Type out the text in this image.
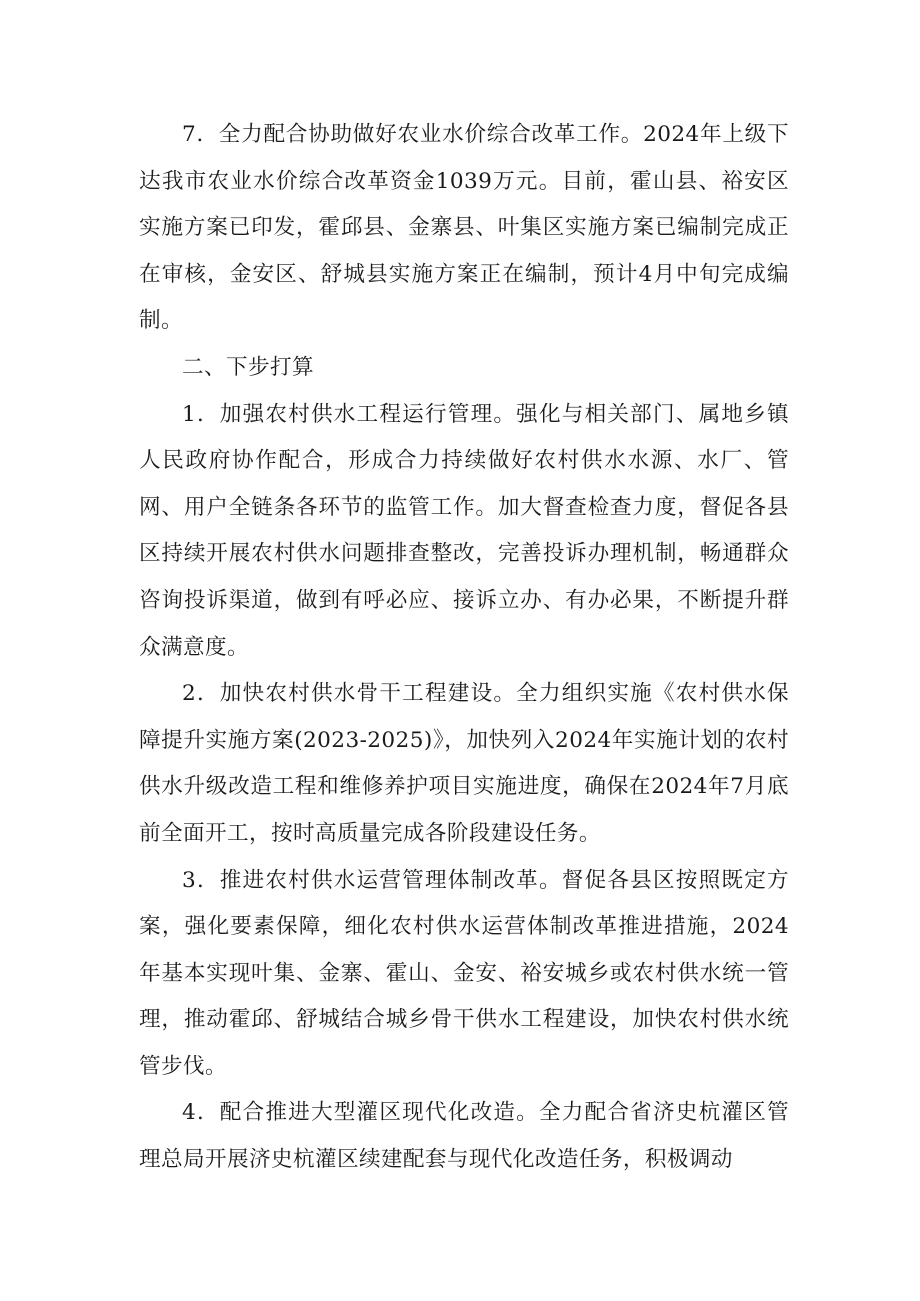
7．全力配合协助做好农业水价综合改革工作。2024年上级下达我市农业水价综合改革资金1039万元。目前，霍山县、裕安区实施方案已印发，霍邱县、金寨县、叶集区实施方案已编制完成正在审核，金安区、舒城县实施方案正在编制，预计4月中旬完成编制。

二、下步打算

1．加强农村供水工程运行管理。强化与相关部门、属地乡镇人民政府协作配合，形成合力持续做好农村供水水源、水厂、管网、用户全链条各环节的监管工作。加大督查检查力度，督促各县区持续开展农村供水问题排查整改，完善投诉办理机制，畅通群众咨询投诉渠道，做到有呼必应、接诉立办、有办必果，不断提升群众满意度。

2．加快农村供水骨干工程建设。全力组织实施《农村供水保障提升实施方案(2023-2025)》，加快列入2024年实施计划的农村供水升级改造工程和维修养护项目实施进度，确保在2024年7月底前全面开工，按时高质量完成各阶段建设任务。

3．推进农村供水运营管理体制改革。督促各县区按照既定方案，强化要素保障，细化农村供水运营体制改革推进措施，2024年基本实现叶集、金寨、霍山、金安、裕安城乡或农村供水统一管理，推动霍邱、舒城结合城乡骨干供水工程建设，加快农村供水统管步伐。

4．配合推进大型灌区现代化改造。全力配合省济史杭灌区管理总局开展济史杭灌区续建配套与现代化改造任务，积极调动
